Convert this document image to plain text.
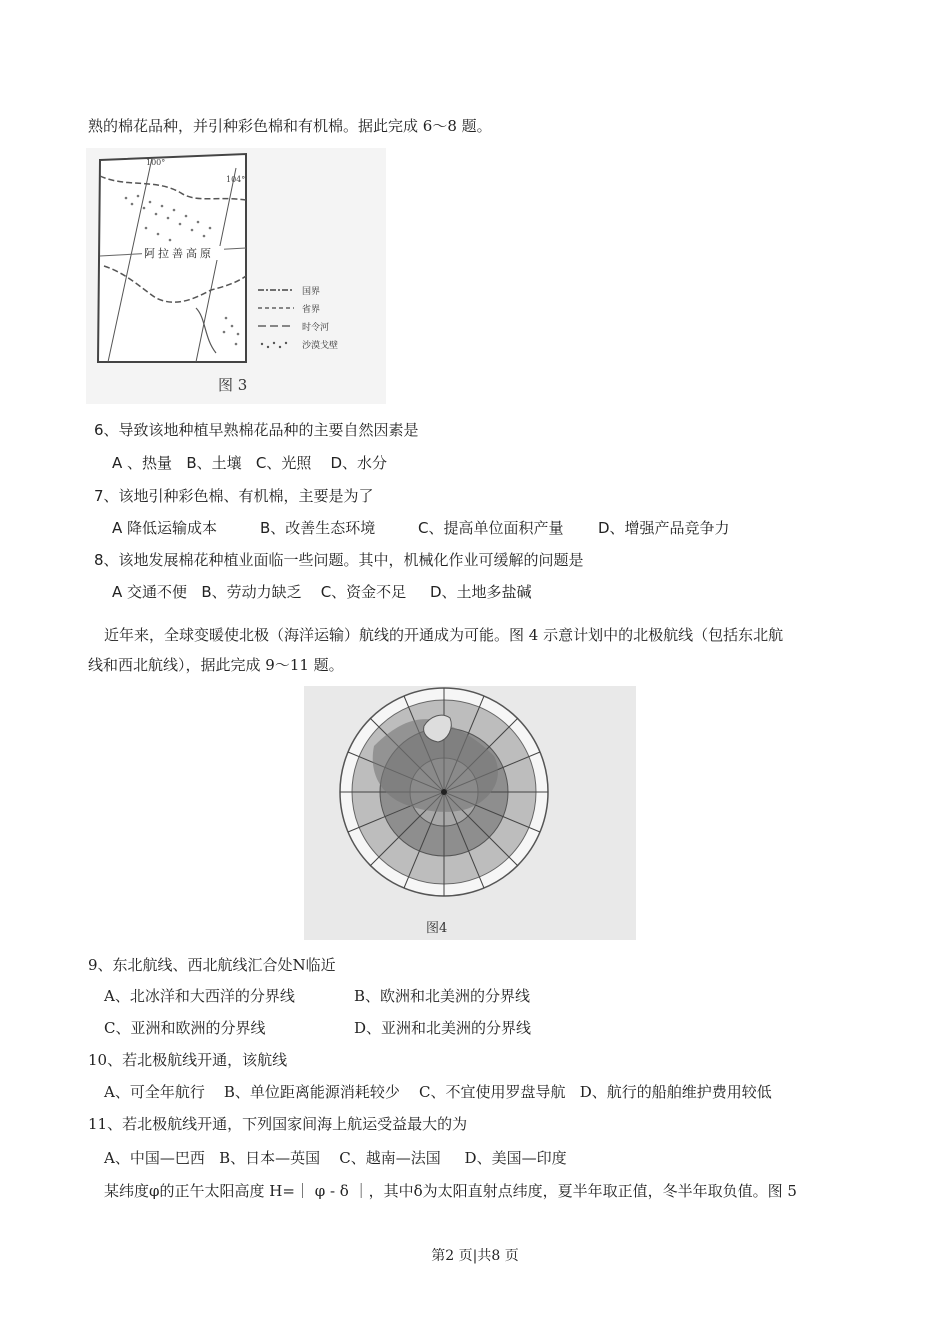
熟的棉花品种，并引种彩色棉和有机棉。据此完成 6～8 题。
阿拉善高原
100°
104°
国界
省界
时令河
沙漠戈壁
图 3
6、导致该地种植早熟棉花品种的主要自然因素是
A 、热量   B、土壤   C、光照    D、水分
7、该地引种彩色棉、有机棉，主要是为了
A 降低运输成本	B、改善生态环境	C、提高单位面积产量 D、增强产品竞争力
8、该地发展棉花种植业面临一些问题。其中，机械化作业可缓解的问题是
A 交通不便   B、劳动力缺乏    C、资金不足     D、土地多盐碱
近年来，全球变暖使北极（海洋运输）航线的开通成为可能。图 4 示意计划中的北极航线（包括东北航
线和西北航线），据此完成 9～11 题。
图4
9、东北航线、西北航线汇合处N临近
A、北冰洋和大西洋的分界线	B、欧洲和北美洲的分界线
C、亚洲和欧洲的分界线	D、亚洲和北美洲的分界线
10、若北极航线开通，该航线
A、可全年航行    B、单位距离能源消耗较少    C、不宜使用罗盘导航   D、航行的船舶维护费用较低
11、若北极航线开通，下列国家间海上航运受益最大的为
A、中国—巴西   B、日本—英国    C、越南—法国     D、美国—印度
某纬度φ的正午太阳高度 H=｜ φ - δ ｜，其中δ为太阳直射点纬度，夏半年取正值，冬半年取负值。图 5
第2 页|共8 页
